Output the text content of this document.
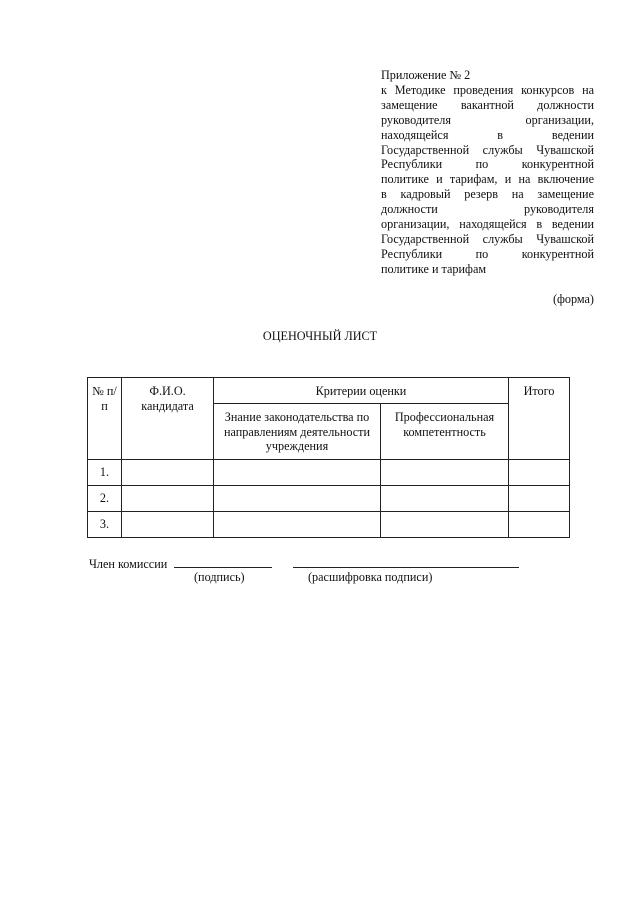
Приложение № 2
к Методике проведения конкурсов на
замещение вакантной должности
руководителя организации,
находящейся в ведении
Государственной службы Чувашской
Республики по конкурентной
политике и тарифам, и на включение
в кадровый резерв на замещение
должности руководителя
организации, находящейся в ведении
Государственной службы Чувашской
Республики по конкурентной
политике и тарифам
(форма)
ОЦЕНОЧНЫЙ ЛИСТ
№ п/п	Ф.И.О. кандидата	Критерии оценки		Итого
		Знание законодательства по направлениям деятельности учреждения	Профессиональная компетентность	
1.				
2.				
3.				
Член комиссии
(подпись)	(расшифровка подписи)
